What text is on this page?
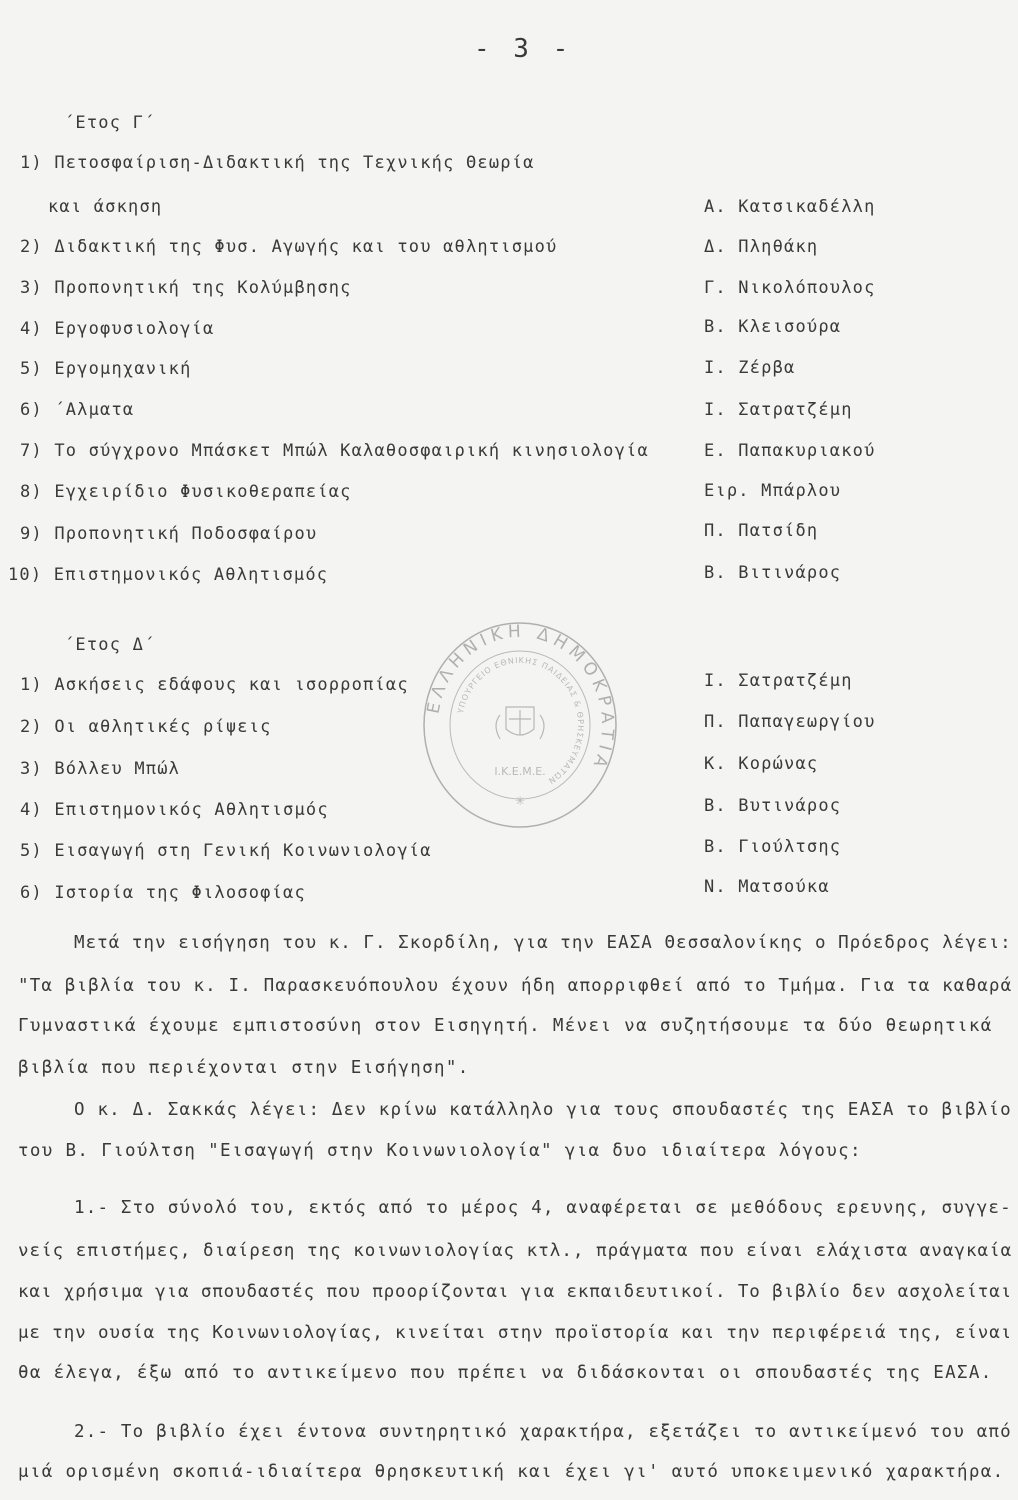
- 3 -
΄Ετος Γ΄
1) Πετοσφαίριση-Διδακτική της Τεχνικής Θεωρία
και άσκηση	Α. Κατσικαδέλλη
2) Διδακτική της Φυσ. Αγωγής και του αθλητισμού	Δ. Πληθάκη
3) Προπονητική της Κολύμβησης	Γ. Νικολόπουλος
4) Εργοφυσιολογία	Β. Κλεισούρα
5) Εργομηχανική	Ι. Ζέρβα
6) ΄Αλματα	Ι. Σατρατζέμη
7) Το σύγχρονο Μπάσκετ Μπώλ Καλαθοσφαιρική κινησιολογία	Ε. Παπακυριακού
8) Εγχειρίδιο Φυσικοθεραπείας	Ειρ. Μπάρλου
9) Προπονητική Ποδοσφαίρου	Π. Πατσίδη
10) Επιστημονικός Αθλητισμός	Β. Βιτινάρος
΄Ετος Δ΄
1) Ασκήσεις εδάφους και ισορροπίας	Ι. Σατρατζέμη
2) Οι αθλητικές ρίψεις	Π. Παπαγεωργίου
3) Βόλλευ Μπώλ	Κ. Κορώνας
4) Επιστημονικός Αθλητισμός	Β. Βυτινάρος
5) Εισαγωγή στη Γενική Κοινωνιολογία	Β. Γιούλτσης
6) Ιστορία της Φιλοσοφίας	Ν. Ματσούκα
ΕΛΛΗΝΙΚΗ ΔΗΜΟΚΡΑΤΙΑ
ΥΠΟΥΡΓΕΙΟ ΕΘΝΙΚΗΣ ΠΑΙΔΕΙΑΣ & ΘΡΗΣΚΕΥΜΑΤΩΝ
Ι.Κ.Ε.Μ.Ε.
✳
Μετά την εισήγηση του κ. Γ. Σκορδίλη, για την ΕΑΣΑ Θεσσαλονίκης ο Πρόεδρος λέγει:
"Τα βιβλία του κ. Ι. Παρασκευόπουλου έχουν ήδη απορριφθεί από το Τμήμα. Για τα καθαρά
Γυμναστικά έχουμε εμπιστοσύνη στον Εισηγητή. Μένει να συζητήσουμε τα δύο θεωρητικά
βιβλία που περιέχονται στην Εισήγηση".
Ο κ. Δ. Σακκάς λέγει: Δεν κρίνω κατάλληλο για τους σπουδαστές της ΕΑΣΑ το βιβλίο
του Β. Γιούλτση "Εισαγωγή στην Κοινωνιολογία" για δυο ιδιαίτερα λόγους:
1.- Στο σύνολό του, εκτός από το μέρος 4, αναφέρεται σε μεθόδους ερευνης, συγγε-
νείς επιστήμες, διαίρεση της κοινωνιολογίας κτλ., πράγματα που είναι ελάχιστα αναγκαία
και χρήσιμα για σπουδαστές που προορίζονται για εκπαιδευτικοί. Το βιβλίο δεν ασχολείται
με την ουσία της Κοινωνιολογίας, κινείται στην προϊστορία και την περιφέρειά της, είναι
θα έλεγα, έξω από το αντικείμενο που πρέπει να διδάσκονται οι σπουδαστές της ΕΑΣΑ.
2.- Το βιβλίο έχει έντονα συντηρητικό χαρακτήρα, εξετάζει το αντικείμενό του από
μιά ορισμένη σκοπιά-ιδιαίτερα θρησκευτική και έχει γι' αυτό υποκειμενικό χαρακτήρα.
